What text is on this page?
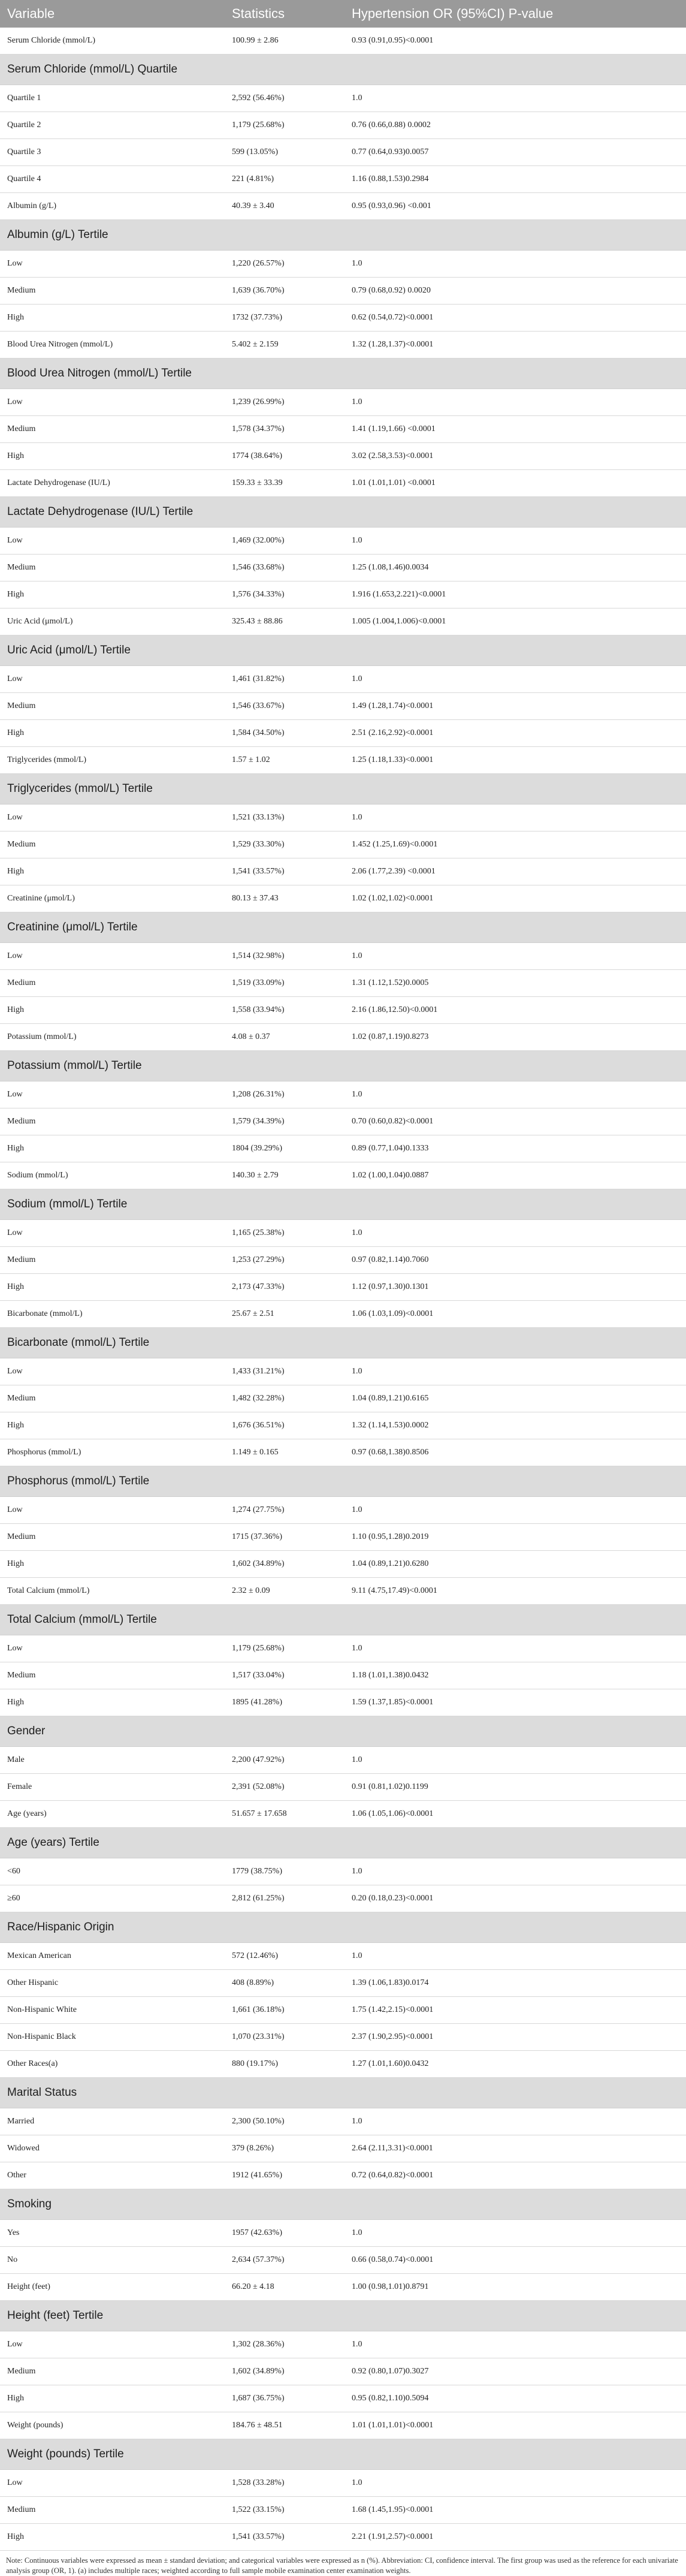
Variable	Statistics	Hypertension OR (95%CI) P-value
Serum Chloride (mmol/L)	100.99 ± 2.86	0.93 (0.91,0.95)<0.0001
Serum Chloride (mmol/L) Quartile		
Quartile 1	2,592 (56.46%)	1.0
Quartile 2	1,179 (25.68%)	0.76 (0.66,0.88) 0.0002
Quartile 3	599 (13.05%)	0.77 (0.64,0.93)0.0057
Quartile 4	221 (4.81%)	1.16 (0.88,1.53)0.2984
Albumin (g/L)	40.39 ± 3.40	0.95 (0.93,0.96) <0.001
Albumin (g/L) Tertile		
Low	1,220 (26.57%)	1.0
Medium	1,639 (36.70%)	0.79 (0.68,0.92) 0.0020
High	1732 (37.73%)	0.62 (0.54,0.72)<0.0001
Blood Urea Nitrogen (mmol/L)	5.402 ± 2.159	1.32 (1.28,1.37)<0.0001
Blood Urea Nitrogen (mmol/L) Tertile		
Low	1,239 (26.99%)	1.0
Medium	1,578 (34.37%)	1.41 (1.19,1.66) <0.0001
High	1774 (38.64%)	3.02 (2.58,3.53)<0.0001
Lactate Dehydrogenase (IU/L)	159.33 ± 33.39	1.01 (1.01,1.01) <0.0001
Lactate Dehydrogenase (IU/L) Tertile		
Low	1,469 (32.00%)	1.0
Medium	1,546 (33.68%)	1.25 (1.08,1.46)0.0034
High	1,576 (34.33%)	1.916 (1.653,2.221)<0.0001
Uric Acid (μmol/L)	325.43 ± 88.86	1.005 (1.004,1.006)<0.0001
Uric Acid (μmol/L) Tertile		
Low	1,461 (31.82%)	1.0
Medium	1,546 (33.67%)	1.49 (1.28,1.74)<0.0001
High	1,584 (34.50%)	2.51 (2.16,2.92)<0.0001
Triglycerides (mmol/L)	1.57 ± 1.02	1.25 (1.18,1.33)<0.0001
Triglycerides (mmol/L) Tertile		
Low	1,521 (33.13%)	1.0
Medium	1,529 (33.30%)	1.452 (1.25,1.69)<0.0001
High	1,541 (33.57%)	2.06 (1.77,2.39) <0.0001
Creatinine (μmol/L)	80.13 ± 37.43	1.02 (1.02,1.02)<0.0001
Creatinine (μmol/L) Tertile		
Low	1,514 (32.98%)	1.0
Medium	1,519 (33.09%)	1.31 (1.12,1.52)0.0005
High	1,558 (33.94%)	2.16 (1.86,12.50)<0.0001
Potassium (mmol/L)	4.08 ± 0.37	1.02 (0.87,1.19)0.8273
Potassium (mmol/L) Tertile		
Low	1,208 (26.31%)	1.0
Medium	1,579 (34.39%)	0.70 (0.60,0.82)<0.0001
High	1804 (39.29%)	0.89 (0.77,1.04)0.1333
Sodium (mmol/L)	140.30 ± 2.79	1.02 (1.00,1.04)0.0887
Sodium (mmol/L) Tertile		
Low	1,165 (25.38%)	1.0
Medium	1,253 (27.29%)	0.97 (0.82,1.14)0.7060
High	2,173 (47.33%)	1.12 (0.97,1.30)0.1301
Bicarbonate (mmol/L)	25.67 ± 2.51	1.06 (1.03,1.09)<0.0001
Bicarbonate (mmol/L) Tertile		
Low	1,433 (31.21%)	1.0
Medium	1,482 (32.28%)	1.04 (0.89,1.21)0.6165
High	1,676 (36.51%)	1.32 (1.14,1.53)0.0002
Phosphorus (mmol/L)	1.149 ± 0.165	0.97 (0.68,1.38)0.8506
Phosphorus (mmol/L) Tertile		
Low	1,274 (27.75%)	1.0
Medium	1715 (37.36%)	1.10 (0.95,1.28)0.2019
High	1,602 (34.89%)	1.04 (0.89,1.21)0.6280
Total Calcium (mmol/L)	2.32 ± 0.09	9.11 (4.75,17.49)<0.0001
Total Calcium (mmol/L) Tertile		
Low	1,179 (25.68%)	1.0
Medium	1,517 (33.04%)	1.18 (1.01,1.38)0.0432
High	1895 (41.28%)	1.59 (1.37,1.85)<0.0001
Gender		
Male	2,200 (47.92%)	1.0
Female	2,391 (52.08%)	0.91 (0.81,1.02)0.1199
Age (years)	51.657 ± 17.658	1.06 (1.05,1.06)<0.0001
Age (years) Tertile		
<60	1779 (38.75%)	1.0
≥60	2,812 (61.25%)	0.20 (0.18,0.23)<0.0001
Race/Hispanic Origin		
Mexican American	572 (12.46%)	1.0
Other Hispanic	408 (8.89%)	1.39 (1.06,1.83)0.0174
Non-Hispanic White	1,661 (36.18%)	1.75 (1.42,2.15)<0.0001
Non-Hispanic Black	1,070 (23.31%)	2.37 (1.90,2.95)<0.0001
Other Races(a)	880 (19.17%)	1.27 (1.01,1.60)0.0432
Marital Status		
Married	2,300 (50.10%)	1.0
Widowed	379 (8.26%)	2.64 (2.11,3.31)<0.0001
Other	1912 (41.65%)	0.72 (0.64,0.82)<0.0001
Smoking		
Yes	1957 (42.63%)	1.0
No	2,634 (57.37%)	0.66 (0.58,0.74)<0.0001
Height (feet)	66.20 ± 4.18	1.00 (0.98,1.01)0.8791
Height (feet) Tertile		
Low	1,302 (28.36%)	1.0
Medium	1,602 (34.89%)	0.92 (0.80,1.07)0.3027
High	1,687 (36.75%)	0.95 (0.82,1.10)0.5094
Weight (pounds)	184.76 ± 48.51	1.01 (1.01,1.01)<0.0001
Weight (pounds) Tertile		
Low	1,528 (33.28%)	1.0
Medium	1,522 (33.15%)	1.68 (1.45,1.95)<0.0001
High	1,541 (33.57%)	2.21 (1.91,2.57)<0.0001
Note: Continuous variables were expressed as mean ± standard deviation; and categorical variables were expressed as n (%). Abbreviation: CI, confidence interval. The first group was used as the reference for each univariate analysis group (OR, 1). (a) includes multiple races; weighted according to full sample mobile examination center examination weights.
